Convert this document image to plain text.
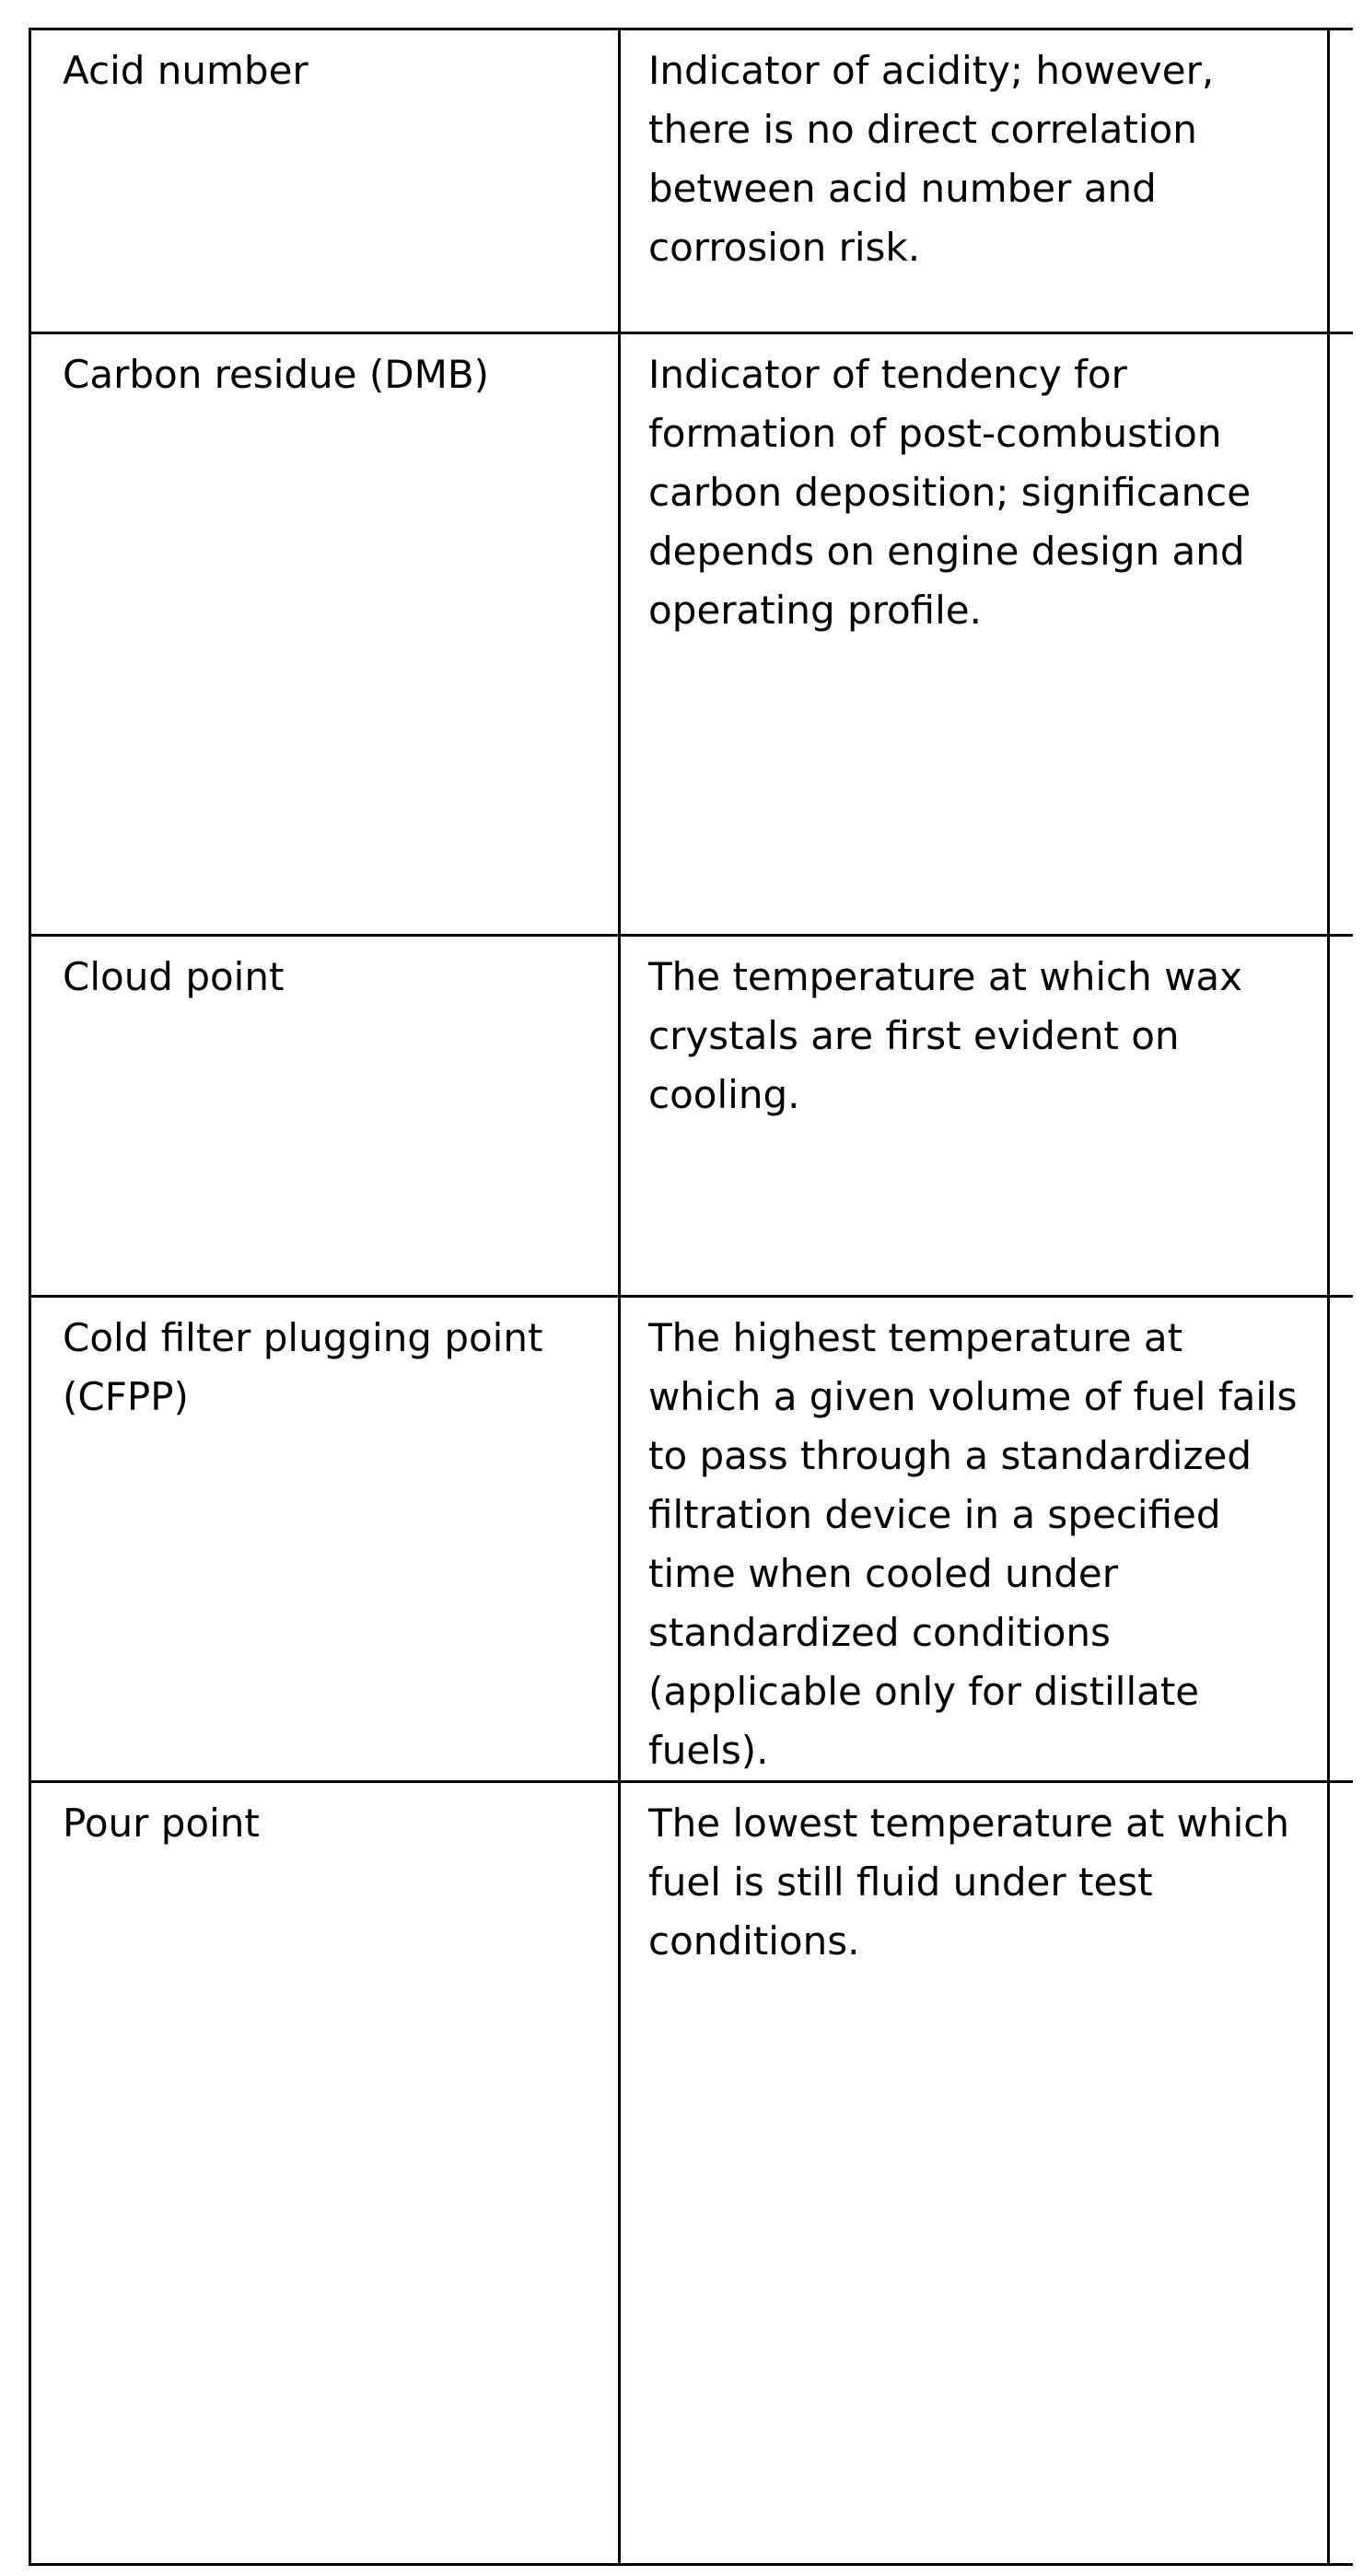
Acid number	Indicator of acidity; however, there is no direct correlation between acid number and corrosion risk.	
Carbon residue (DMB)	Indicator of tendency for formation of post-combustion carbon deposition; significance depends on engine design and operating profile.	
Cloud point	The temperature at which wax crystals are first evident on cooling.	
Cold filter plugging point (CFPP)	The highest temperature at which a given volume of fuel fails to pass through a standardized filtration device in a specified time when cooled under standardized conditions (applicable only for distillate fuels).	
Pour point	The lowest temperature at which fuel is still fluid under test conditions.	
